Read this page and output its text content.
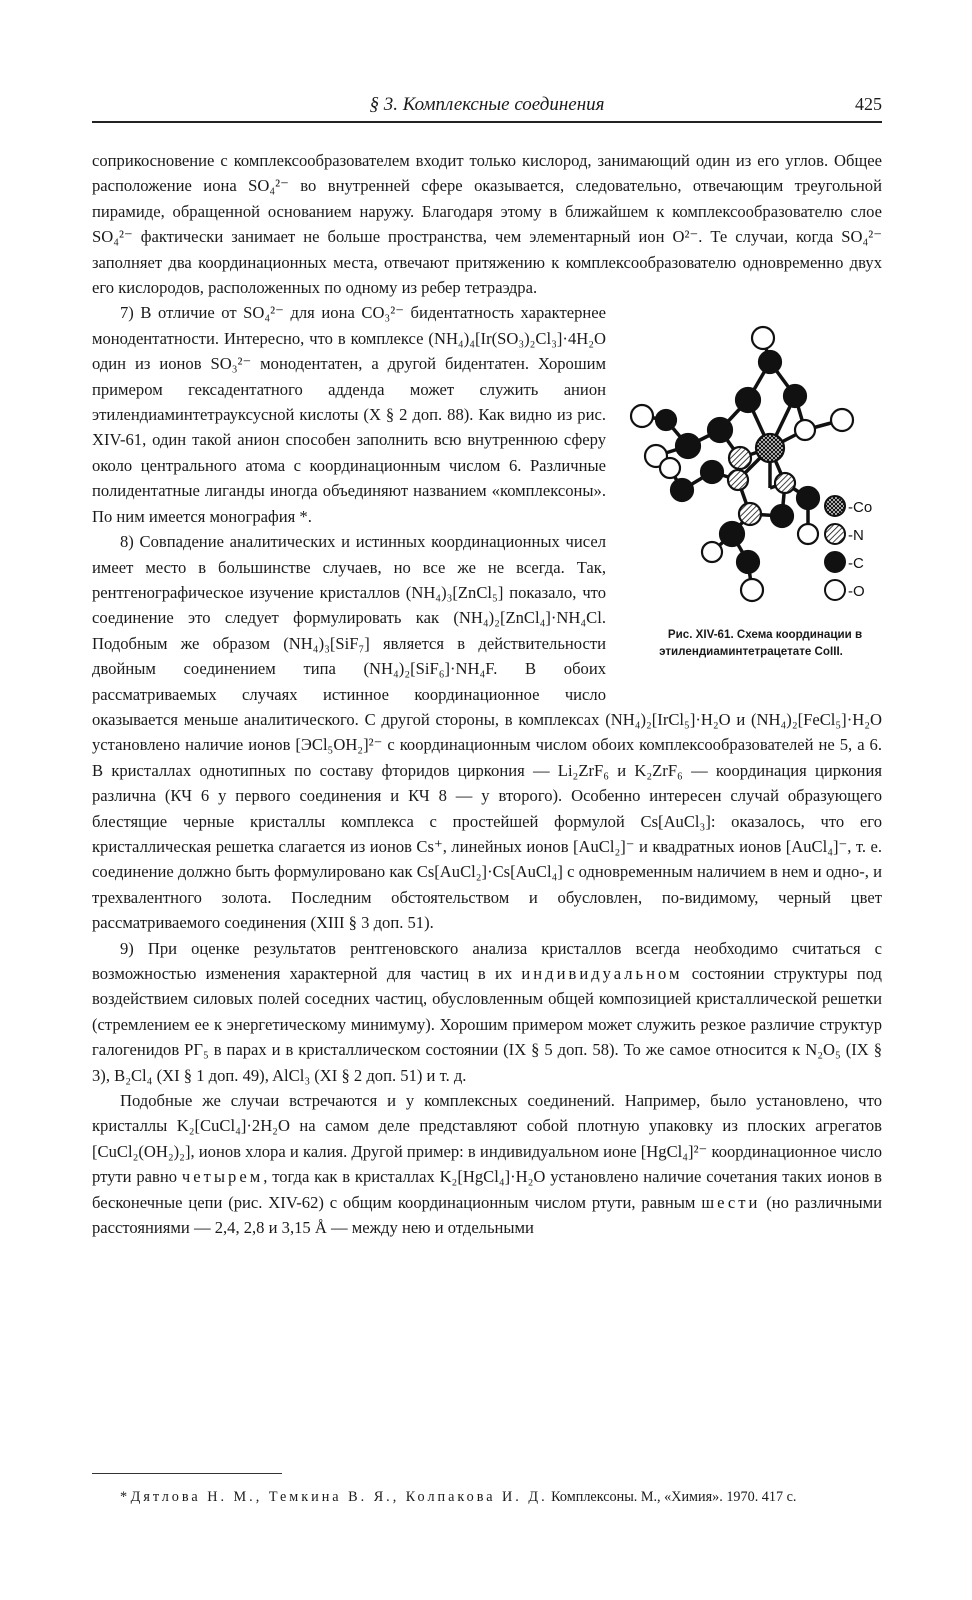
§ 3. Комплексные соединения	425

соприкосновение с комплексообразователем входит только кислород, занимающий один из его углов. Общее расположение иона SO₄²⁻ во внутренней сфере оказывается, следовательно, отвечающим треугольной пирамиде, обращенной основанием наружу. Благодаря этому в ближайшем к комплексообразователю слое SO₄²⁻ фактически занимает не больше пространства, чем элементарный ион O²⁻. Те случаи, когда SO₄²⁻ заполняет два координационных места, отвечают притяжению к комплексообразователю одновременно двух его кислородов, расположенных по одному из ребер тетраэдра.

-Co
-N
-C
-O
Рис. XIV-61. Схема координации в этилендиаминтетрацетате CoIII.
7) В отличие от SO₄²⁻ для иона CO₃²⁻ бидентатность характернее монодентатности. Интересно, что в комплексе (NH₄)₄[Ir(SO₃)₂Cl₃]·4H₂O один из ионов SO₃²⁻ монодентатен, а другой бидентатен. Хорошим примером гексадентатного адденда может служить анион этилендиаминтетрауксусной кислоты (X § 2 доп. 88). Как видно из рис. XIV-61, один такой анион способен заполнить всю внутреннюю сферу около центрального атома с координационным числом 6. Различные полидентатные лиганды иногда объединяют названием «комплексоны». По ним имеется монография *.

8) Совпадение аналитических и истинных координационных чисел имеет место в большинстве случаев, но все же не всегда. Так, рентгенографическое изучение кристаллов (NH₄)₃[ZnCl₅] показало, что соединение это следует формулировать как (NH₄)₂[ZnCl₄]·NH₄Cl. Подобным же образом (NH₄)₃[SiF₇] является в действительности двойным соединением типа (NH₄)₂[SiF₆]·NH₄F. В обоих рассматриваемых случаях истинное координационное число оказывается меньше аналитического. С другой стороны, в комплексах (NH₄)₂[IrCl₅]·H₂O и (NH₄)₂[FeCl₅]·H₂O установлено наличие ионов [ЭCl₅OH₂]²⁻ с координационным числом обоих комплексообразователей не 5, а 6. В кристаллах однотипных по составу фторидов циркония — Li₂ZrF₆ и K₂ZrF₆ — координация циркония различна (КЧ 6 у первого соединения и КЧ 8 — у второго). Особенно интересен случай образующего блестящие черные кристаллы комплекса с простейшей формулой Cs[AuCl₃]: оказалось, что его кристаллическая решетка слагается из ионов Cs⁺, линейных ионов [AuCl₂]⁻ и квадратных ионов [AuCl₄]⁻, т. е. соединение должно быть формулировано как Cs[AuCl₂]·Cs[AuCl₄] с одновременным наличием в нем и одно-, и трехвалентного золота. Последним обстоятельством и обусловлен, по-видимому, черный цвет рассматриваемого соединения (XIII § 3 доп. 51).

9) При оценке результатов рентгеновского анализа кристаллов всегда необходимо считаться с возможностью изменения характерной для частиц в их индивидуальном состоянии структуры под воздействием силовых полей соседних частиц, обусловленным общей композицией кристаллической решетки (стремлением ее к энергетическому минимуму). Хорошим примером может служить резкое различие структур галогенидов PГ₅ в парах и в кристаллическом состоянии (IX § 5 доп. 58). То же самое относится к N₂O₅ (IX § 3), B₂Cl₄ (XI § 1 доп. 49), AlCl₃ (XI § 2 доп. 51) и т. д.

Подобные же случаи встречаются и у комплексных соединений. Например, было установлено, что кристаллы K₂[CuCl₄]·2H₂O на самом деле представляют собой плотную упаковку из плоских агрегатов [CuCl₂(OH₂)₂], ионов хлора и калия. Другой пример: в индивидуальном ионе [HgCl₄]²⁻ координационное число ртути равно четырем, тогда как в кристаллах K₂[HgCl₄]·H₂O установлено наличие сочетания таких ионов в бесконечные цепи (рис. XIV-62) с общим координационным числом ртути, равным шести (но различными расстояниями — 2,4, 2,8 и 3,15 Å — между нею и отдельными

* Дятлова Н. М., Темкина В. Я., Колпакова И. Д. Комплексоны. М., «Химия». 1970. 417 с.
